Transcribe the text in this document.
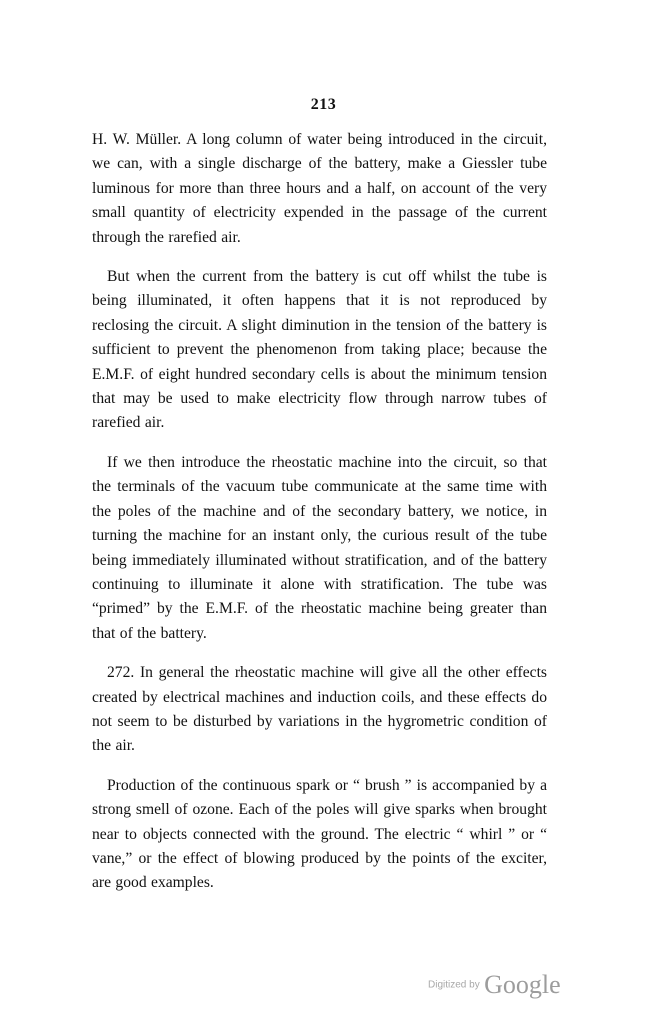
213

H. W. Müller. A long column of water being introduced in the circuit, we can, with a single discharge of the battery, make a Giessler tube luminous for more than three hours and a half, on account of the very small quantity of electricity expended in the passage of the current through the rarefied air.

But when the current from the battery is cut off whilst the tube is being illuminated, it often happens that it is not reproduced by reclosing the circuit. A slight diminution in the tension of the battery is sufficient to prevent the phenomenon from taking place; because the E.M.F. of eight hundred secondary cells is about the minimum tension that may be used to make electricity flow through narrow tubes of rarefied air.

If we then introduce the rheostatic machine into the circuit, so that the terminals of the vacuum tube communicate at the same time with the poles of the machine and of the secondary battery, we notice, in turning the machine for an instant only, the curious result of the tube being immediately illuminated without stratification, and of the battery continuing to illuminate it alone with stratification. The tube was “primed” by the E.M.F. of the rheostatic machine being greater than that of the battery.

272. In general the rheostatic machine will give all the other effects created by electrical machines and induction coils, and these effects do not seem to be disturbed by variations in the hygrometric condition of the air.

Production of the continuous spark or “ brush ” is accompanied by a strong smell of ozone. Each of the poles will give sparks when brought near to objects connected with the ground. The electric “ whirl ” or “ vane,” or the effect of blowing produced by the points of the exciter, are good examples.

Digitized by Google
